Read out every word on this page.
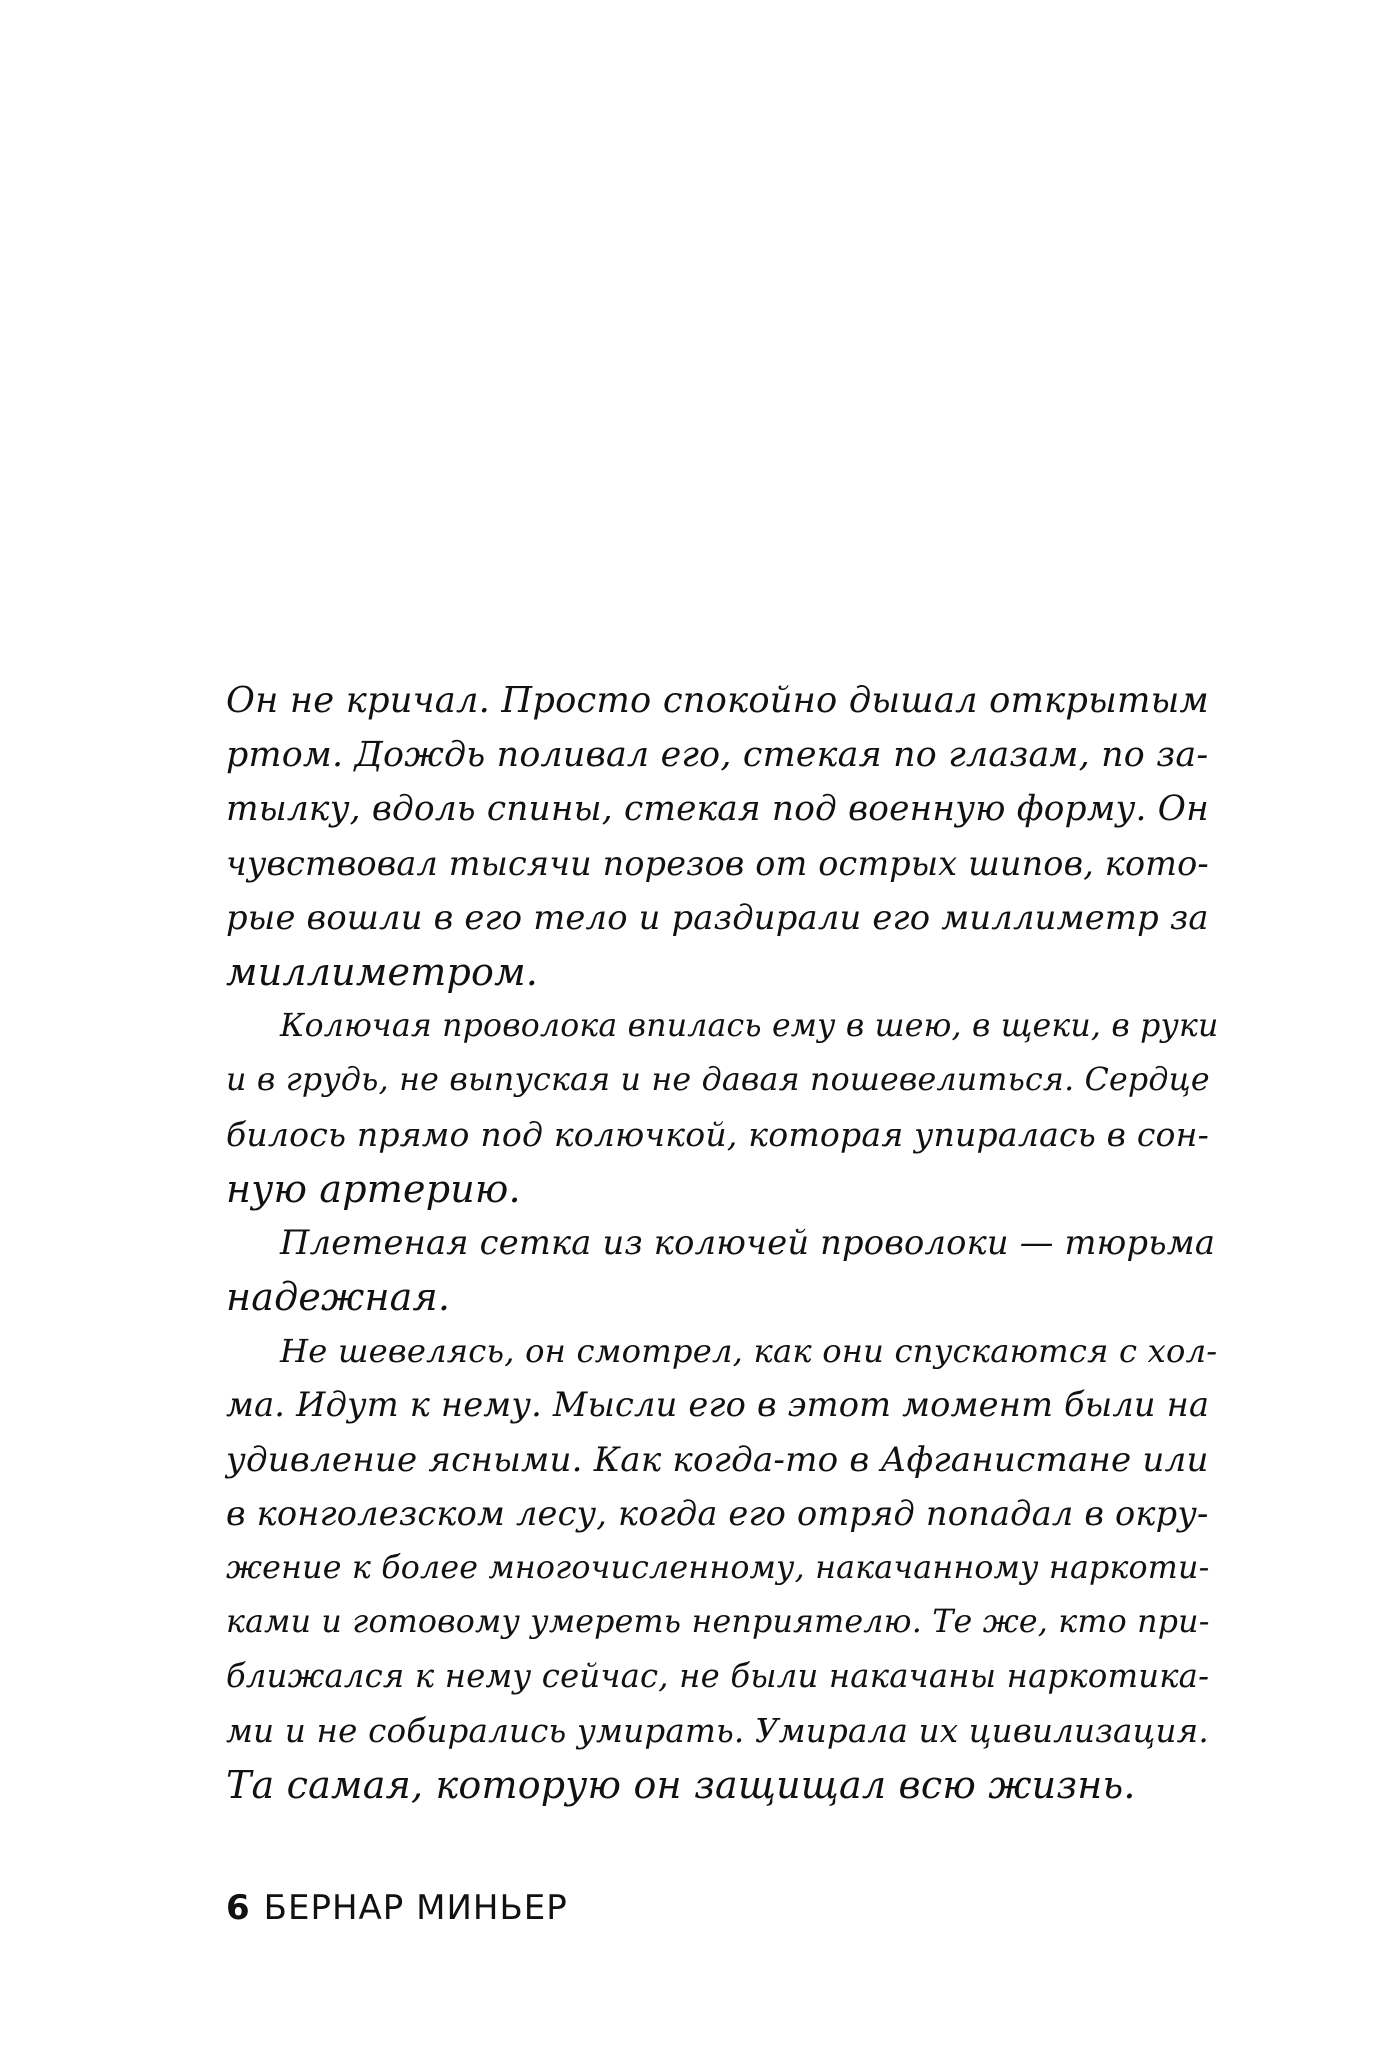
Он не кричал. Просто спокойно дышал открытым
ртом. Дождь поливал его, стекая по глазам, по за-
тылку, вдоль спины, стекая под военную форму. Он
чувствовал тысячи порезов от острых шипов, кото-
рые вошли в его тело и раздирали его миллиметр за
миллиметром.
Колючая проволока впилась ему в шею, в щеки, в руки
и в грудь, не выпуская и не давая пошевелиться. Сердце
билось прямо под колючкой, которая упиралась в сон-
ную артерию.
Плетеная сетка из колючей проволоки — тюрьма
надежная.
Не шевелясь, он смотрел, как они спускаются с хол-
ма. Идут к нему. Мысли его в этот момент были на
удивление ясными. Как когда-то в Афганистане или
в конголезском лесу, когда его отряд попадал в окру-
жение к более многочисленному, накачанному наркоти-
ками и готовому умереть неприятелю. Те же, кто при-
ближался к нему сейчас, не были накачаны наркотика-
ми и не собирались умирать. Умирала их цивилизация.
Та самая, которую он защищал всю жизнь.
6 БЕРНАР МИНЬЕР
